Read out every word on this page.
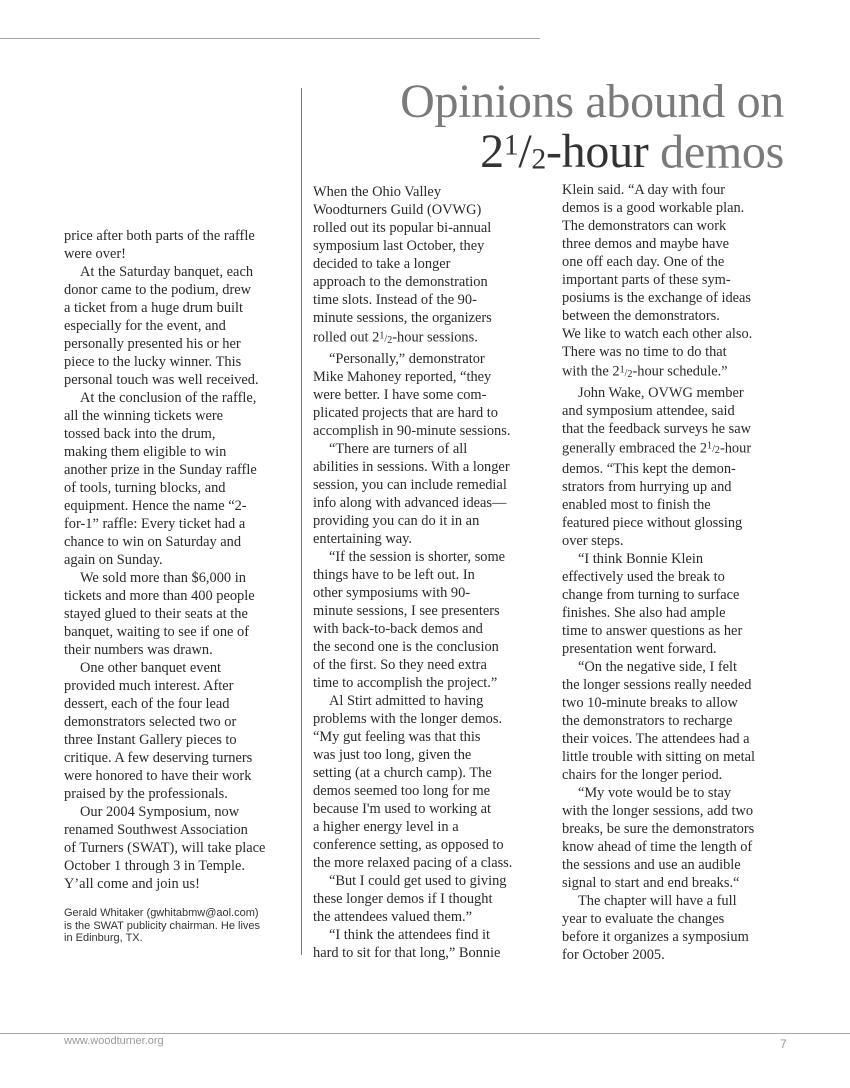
Opinions abound on
$2^1/2$-hour demos
price after both parts of the raffle
were over!
At the Saturday banquet, each
donor came to the podium, drew
a ticket from a huge drum built
especially for the event, and
personally presented his or her
piece to the lucky winner. This
personal touch was well received.
At the conclusion of the raffle,
all the winning tickets were
tossed back into the drum,
making them eligible to win
another prize in the Sunday raffle
of tools, turning blocks, and
equipment. Hence the name “2-
for-1” raffle: Every ticket had a
chance to win on Saturday and
again on Sunday.
We sold more than $6,000 in
tickets and more than 400 people
stayed glued to their seats at the
banquet, waiting to see if one of
their numbers was drawn.
One other banquet event
provided much interest. After
dessert, each of the four lead
demonstrators selected two or
three Instant Gallery pieces to
critique. A few deserving turners
were honored to have their work
praised by the professionals.
Our 2004 Symposium, now
renamed Southwest Association
of Turners (SWAT), will take place
October 1 through 3 in Temple.
Y’all come and join us!
When the Ohio Valley
Woodturners Guild (OVWG)
rolled out its popular bi-annual
symposium last October, they
decided to take a longer
approach to the demonstration
time slots. Instead of the 90-
minute sessions, the organizers
rolled out 21/2-hour sessions.
“Personally,” demonstrator
Mike Mahoney reported, “they
were better. I have some com-
plicated projects that are hard to
accomplish in 90-minute sessions.
“There are turners of all
abilities in sessions. With a longer
session, you can include remedial
info along with advanced ideas—
providing you can do it in an
entertaining way.
“If the session is shorter, some
things have to be left out. In
other symposiums with 90-
minute sessions, I see presenters
with back-to-back demos and
the second one is the conclusion
of the first. So they need extra
time to accomplish the project.”
Al Stirt admitted to having
problems with the longer demos.
“My gut feeling was that this
was just too long, given the
setting (at a church camp). The
demos seemed too long for me
because I'm used to working at
a higher energy level in a
conference setting, as opposed to
the more relaxed pacing of a class.
“But I could get used to giving
these longer demos if I thought
the attendees valued them.”
“I think the attendees find it
hard to sit for that long,” Bonnie
Klein said. “A day with four
demos is a good workable plan.
The demonstrators can work
three demos and maybe have
one off each day. One of the
important parts of these sym-
posiums is the exchange of ideas
between the demonstrators.
We like to watch each other also.
There was no time to do that
with the 21/2-hour schedule.”
John Wake, OVWG member
and symposium attendee, said
that the feedback surveys he saw
generally embraced the 21/2-hour
demos. “This kept the demon-
strators from hurrying up and
enabled most to finish the
featured piece without glossing
over steps.
“I think Bonnie Klein
effectively used the break to
change from turning to surface
finishes. She also had ample
time to answer questions as her
presentation went forward.
“On the negative side, I felt
the longer sessions really needed
two 10-minute breaks to allow
the demonstrators to recharge
their voices. The attendees had a
little trouble with sitting on metal
chairs for the longer period.
“My vote would be to stay
with the longer sessions, add two
breaks, be sure the demonstrators
know ahead of time the length of
the sessions and use an audible
signal to start and end breaks.“
The chapter will have a full
year to evaluate the changes
before it organizes a symposium
for October 2005.
Gerald Whitaker (gwhitabmw@aol.com)
is the SWAT publicity chairman. He lives
in Edinburg, TX.
www.woodturner.org	7
